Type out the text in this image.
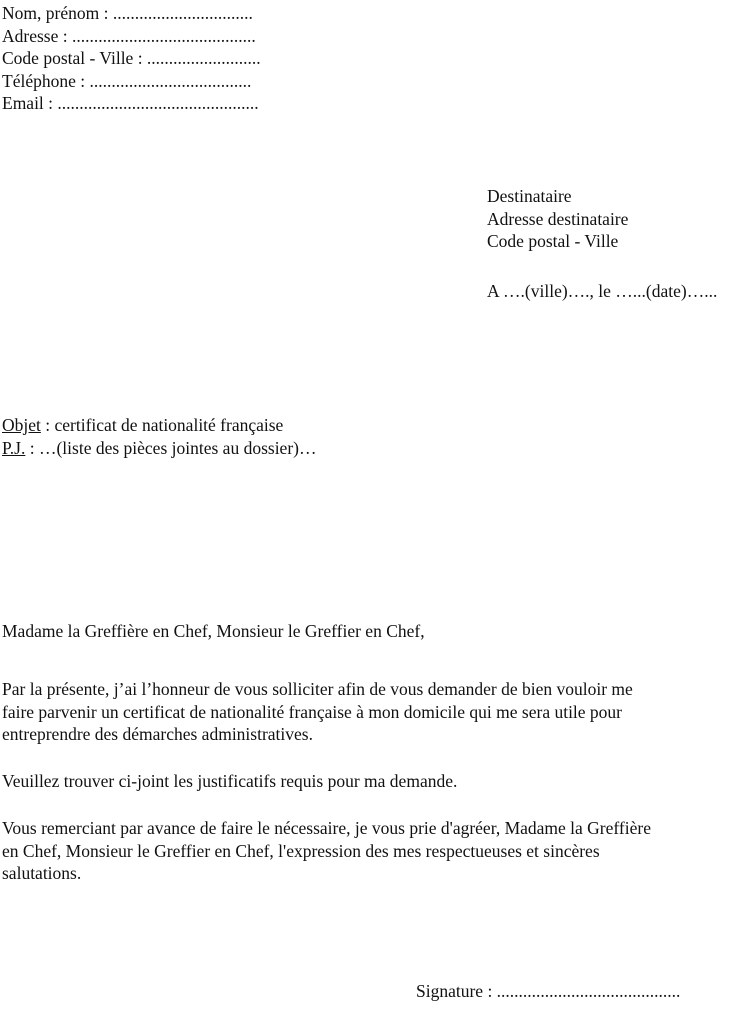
Nom, prénom : ................................
Adresse : ..........................................
Code postal - Ville : ..........................
Téléphone : .....................................
Email : ..............................................
Destinataire
Adresse destinataire
Code postal - Ville
A ….(ville)…., le …...(date)…...
Objet : certificat de nationalité française
P.J. : …(liste des pièces jointes au dossier)…
Madame la Greffière en Chef, Monsieur le Greffier en Chef,
Par la présente, j’ai l’honneur de vous solliciter afin de vous demander de bien vouloir me
faire parvenir un certificat de nationalité française à mon domicile qui me sera utile pour
entreprendre des démarches administratives.
Veuillez trouver ci-joint les justificatifs requis pour ma demande.
Vous remerciant par avance de faire le nécessaire, je vous prie d'agréer, Madame la Greffière
en Chef, Monsieur le Greffier en Chef, l'expression des mes respectueuses et sincères
salutations.
Signature : ..........................................
